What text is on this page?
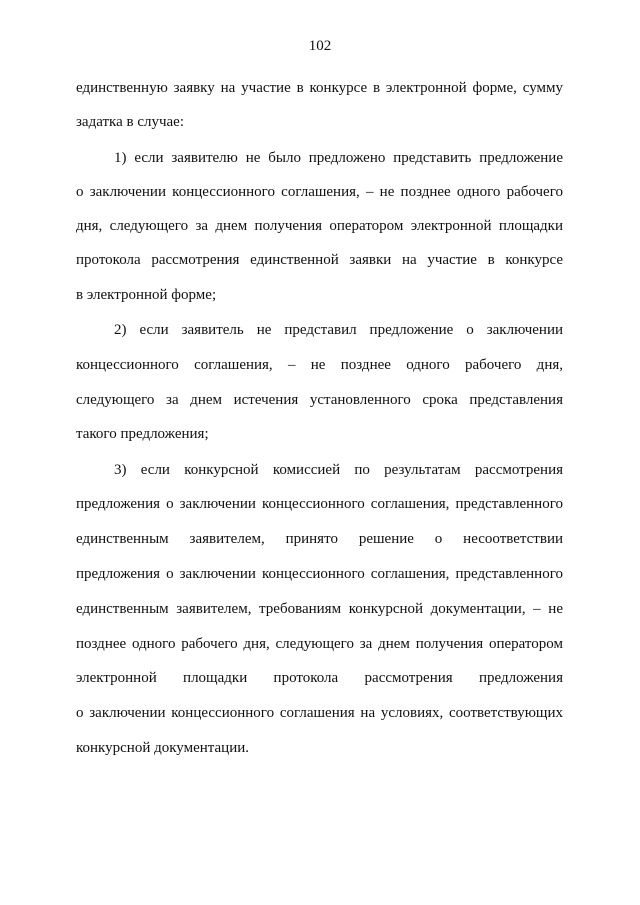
102
единственную заявку на участие в конкурсе в электронной форме, сумму
задатка в случае:
1) если заявителю не было предложено представить предложение
о заключении концессионного соглашения, – не позднее одного рабочего
дня, следующего за днем получения оператором электронной площадки
протокола рассмотрения единственной заявки на участие в конкурсе
в электронной форме;
2) если заявитель не представил предложение о заключении
концессионного соглашения, – не позднее одного рабочего дня,
следующего за днем истечения установленного срока представления
такого предложения;
3) если конкурсной комиссией по результатам рассмотрения
предложения о заключении концессионного соглашения, представленного
единственным заявителем, принято решение о несоответствии
предложения о заключении концессионного соглашения, представленного
единственным заявителем, требованиям конкурсной документации, – не
позднее одного рабочего дня, следующего за днем получения оператором
электронной площадки протокола рассмотрения предложения
о заключении концессионного соглашения на условиях, соответствующих
конкурсной документации.
